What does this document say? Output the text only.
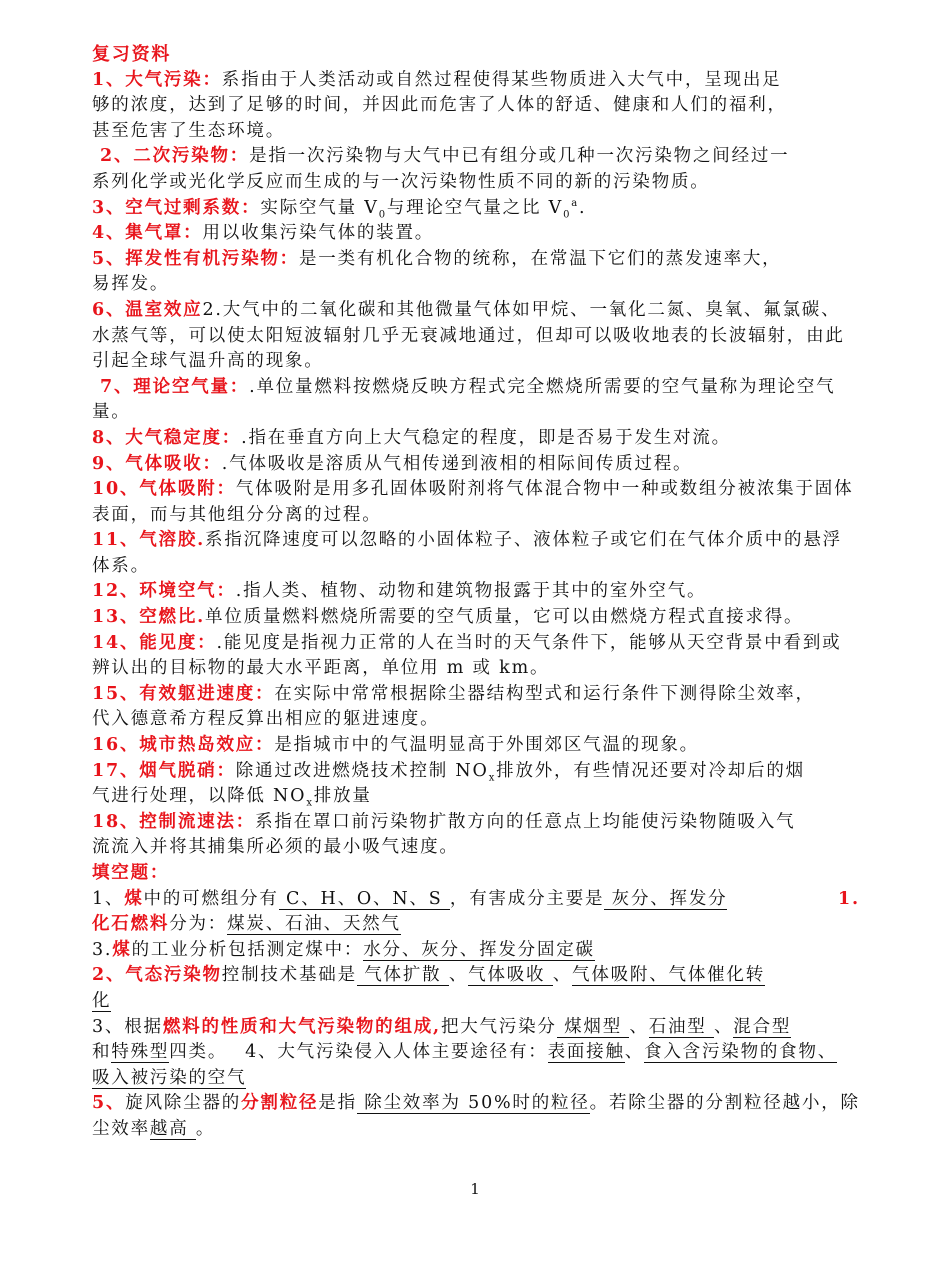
复习资料
1、大气污染：系指由于人类活动或自然过程使得某些物质进入大气中，呈现出足
够的浓度，达到了足够的时间，并因此而危害了人体的舒适、健康和人们的福利，
甚至危害了生态环境。
2、二次污染物：是指一次污染物与大气中已有组分或几种一次污染物之间经过一
系列化学或光化学反应而生成的与一次污染物性质不同的新的污染物质。
3、空气过剩系数：实际空气量 $V_0$与理论空气量之比 $V_0^a$.
4、集气罩：用以收集污染气体的装置。
5、挥发性有机污染物：是一类有机化合物的统称，在常温下它们的蒸发速率大，
易挥发。
6、温室效应2.大气中的二氧化碳和其他微量气体如甲烷、一氧化二氮、臭氧、氟氯碳、
水蒸气等，可以使太阳短波辐射几乎无衰减地通过，但却可以吸收地表的长波辐射，由此
引起全球气温升高的现象。
7、理论空气量：.单位量燃料按燃烧反映方程式完全燃烧所需要的空气量称为理论空气
量。
8、大气稳定度：.指在垂直方向上大气稳定的程度，即是否易于发生对流。
9、气体吸收：.气体吸收是溶质从气相传递到液相的相际间传质过程。
10、气体吸附：气体吸附是用多孔固体吸附剂将气体混合物中一种或数组分被浓集于固体
表面，而与其他组分分离的过程。
11、气溶胶.系指沉降速度可以忽略的小固体粒子、液体粒子或它们在气体介质中的悬浮
体系。
12、环境空气：.指人类、植物、动物和建筑物报露于其中的室外空气。
13、空燃比.单位质量燃料燃烧所需要的空气质量，它可以由燃烧方程式直接求得。
14、能见度：.能见度是指视力正常的人在当时的天气条件下，能够从天空背景中看到或
辨认出的目标物的最大水平距离，单位用 m 或 km。
15、有效躯进速度：在实际中常常根据除尘器结构型式和运行条件下测得除尘效率，
代入德意希方程反算出相应的躯进速度。
16、城市热岛效应：是指城市中的气温明显高于外围郊区气温的现象。
17、烟气脱硝：除通过改进燃烧技术控制 $NO_x$排放外，有些情况还要对冷却后的烟
气进行处理，以降低 $NO_x$排放量
18、控制流速法：系指在罩口前污染物扩散方向的任意点上均能使污染物随吸入气
流流入并将其捕集所必须的最小吸气速度。
填空题：
1、煤中的可燃组分有 C、H、O、N、S ，有害成分主要是 灰分、挥发分	1.
化石燃料分为：煤炭、石油、天然气
3.煤的工业分析包括测定煤中：水分、灰分、挥发分固定碳
2、气态污染物控制技术基础是 气体扩散 、气体吸收 、气体吸附、气体催化转
化
3、根据燃料的性质和大气污染物的组成,把大气污染分 煤烟型 、石油型 、混合型
和特殊型四类。 4、大气污染侵入人体主要途径有：表面接触、食入含污染物的食物、
吸入被污染的空气
5、旋风除尘器的分割粒径是指 除尘效率为 50%时的粒径。若除尘器的分割粒径越小，除
尘效率越高 。
1
